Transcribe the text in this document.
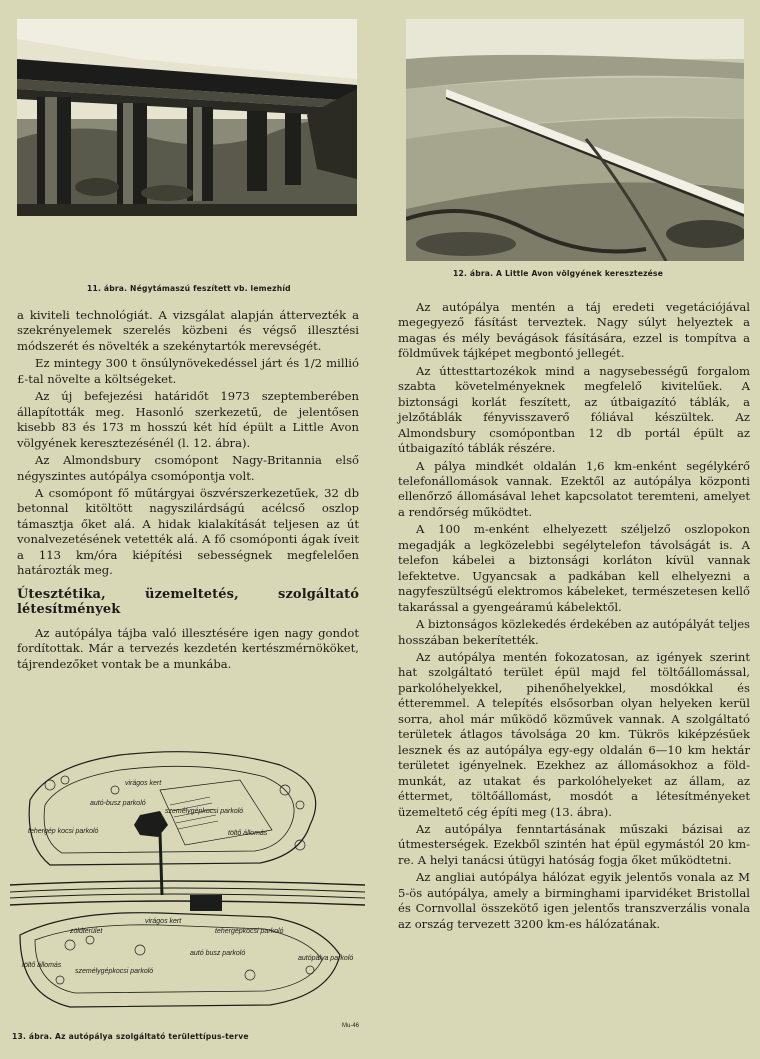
11. ábra. Négytámaszú feszített vb. lemezhíd
12. ábra. A Little Avon völgyének keresztezése

a kiviteli technológiát. A vizsgálat alapján áttervezték a szekrényelemek szerelés közbeni és végső illesztési módszerét és növelték a szekénytartók merevségét.

Ez mintegy 300 t önsúlynövekedéssel járt és 1/2 millió £-tal növelte a költségeket.

Az új befejezési határidőt 1973 szeptemberében állapították meg. Hasonló szerkezetű, de jelentősen kisebb 83 és 173 m hosszú két híd épült a Little Avon völgyének keresztezésénél (l. 12. ábra).

Az Almondsbury csomópont Nagy-Britannia első négyszintes autópálya csomópontja volt.

A csomópont fő műtárgyai öszvérszerkezetűek, 32 db betonnal kitöltött nagyszilárdságú acélcső oszlop támasztja őket alá. A hidak kialakítását teljesen az út vonalvezetésének vetették alá. A fő csomóponti ágak íveit a 113 km/óra kiépítési sebességnek megfelelően határozták meg.

Útesztétika, üzemeltetés, szolgáltató létesítmények

Az autópálya tájba való illesztésére igen nagy gondot fordítottak. Már a tervezés kezdetén kertészmérnököket, tájrendezőket vontak be a munkába.

autó-busz parkoló
virágos kert
személygépkocsi parkoló
tehergép kocsi parkoló	töltő állomás
virágos kert
zöldterület	tehergépkocsi parkoló
töltő állomás
személygépkocsi parkoló
autó busz parkoló
autópálya parkoló
Mu-46
13. ábra. Az autópálya szolgáltató területtípus-terve

Az autópálya mentén a táj eredeti vegetációjával megegyező fásítást terveztek. Nagy súlyt helyeztek a magas és mély bevágások fásítására, ezzel is tompítva a földművek tájképet megbontó jellegét.

Az úttesttartozékok mind a nagysebességű forgalom szabta követelményeknek megfelelő kivitelűek. A biztonsági korlát feszített, az útbaigazító táblák, a jelzőtáblák fényvisszaverő fóliával készültek. Az Almondsbury csomópontban 12 db portál épült az útbaigazító táblák részére.

A pálya mindkét oldalán 1,6 km-enként segélykérő telefonállomások vannak. Ezektől az autópálya központi ellenőrző állomásával lehet kapcsolatot teremteni, amelyet a rendőrség működtet.

A 100 m-enként elhelyezett széljelző oszlopokon megadják a legközelebbi segélytelefon távolságát is. A telefon kábelei a biztonsági korláton kívül vannak lefektetve. Ugyancsak a padkában kell elhelyezni a nagyfeszültségű elektromos kábeleket, természetesen kellő takarással a gyengeáramú kábelektől.

A biztonságos közlekedés érdekében az autópályát teljes hosszában bekerítették.

Az autópálya mentén fokozatosan, az igények szerint hat szolgáltató terület épül majd fel töltőállomással, parkolóhelyekkel, pihenőhelyekkel, mosdókkal és étteremmel. A telepítés elsősorban olyan helyeken kerül sorra, ahol már működő közművek vannak. A szolgáltató területek átlagos távolsága 20 km. Tükrös kiképzésűek lesznek és az autópálya egy-egy oldalán 6—10 km hektár területet igényelnek. Ezekhez az állomásokhoz a földmunkát, az utakat és parkolóhelyeket az állam, az éttermet, töltőállomást, mosdót a létesítményeket üzemeltető cég építi meg (13. ábra).

Az autópálya fenntartásának műszaki bázisai az útmesterségek. Ezekből szintén hat épül egymástól 20 km-re. A helyi tanácsi útügyi hatóság fogja őket működtetni.

Az angliai autópálya hálózat egyik jelentős vonala az M 5-ös autópálya, amely a birminghami iparvidéket Bristollal és Cornvollal összekötő igen jelentős transzverzális vonala az ország tervezett 3200 km-es hálózatának.
